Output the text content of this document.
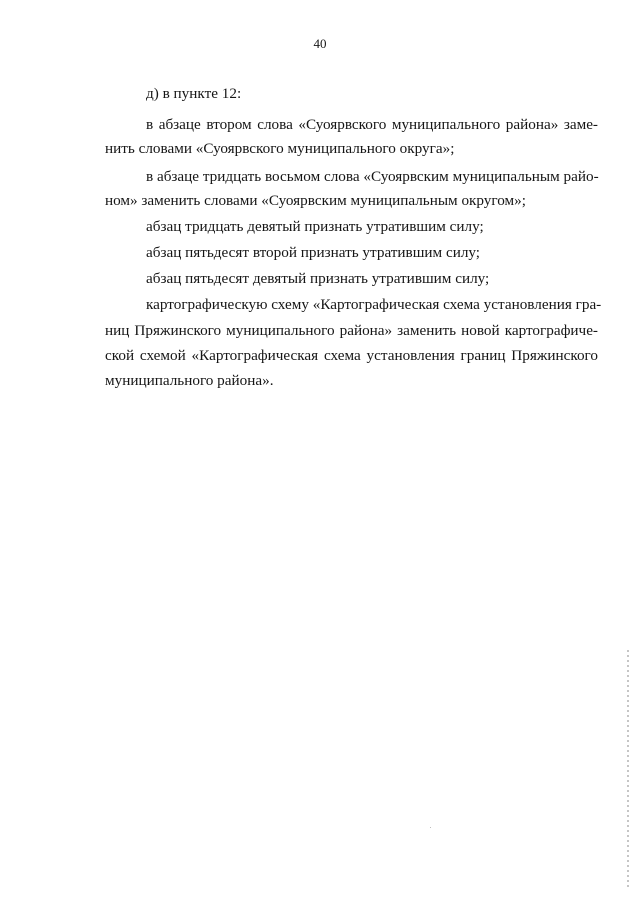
40
д) в пункте 12:
в абзаце втором слова «Суоярвского муниципального района» заме-
нить словами «Суоярвского муниципального округа»;
в абзаце тридцать восьмом слова «Суоярвским муниципальным райо-
ном» заменить словами «Суоярвским муниципальным округом»;
абзац тридцать девятый признать утратившим силу;
абзац пятьдесят второй признать утратившим силу;
абзац пятьдесят девятый признать утратившим силу;
картографическую схему «Картографическая схема установления гра-
ниц Пряжинского муниципального района» заменить новой картографиче-
ской схемой «Картографическая схема установления границ Пряжинского
муниципального района».
